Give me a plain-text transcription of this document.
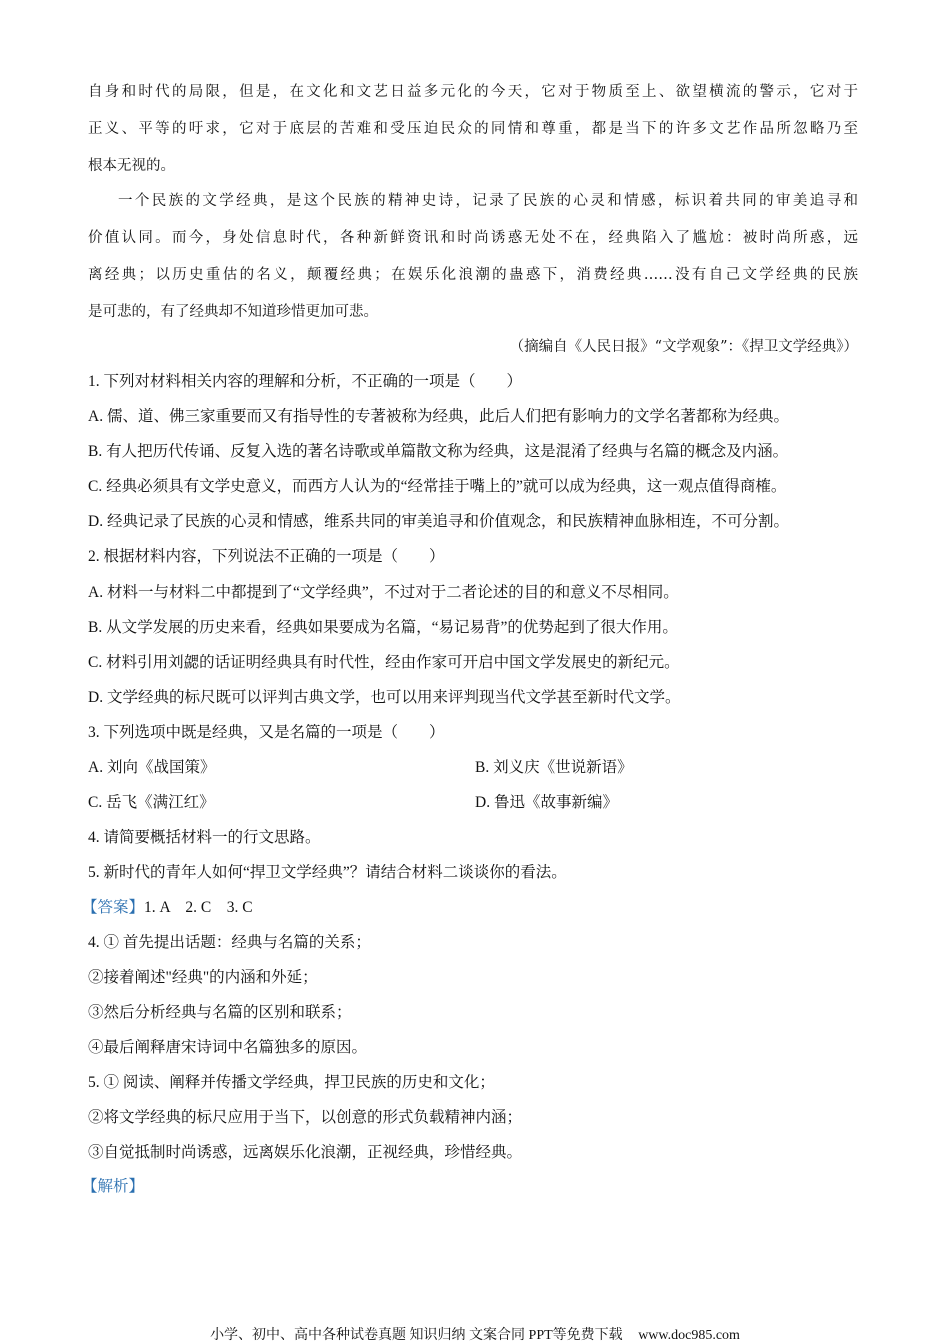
自身和时代的局限，但是，在文化和文艺日益多元化的今天，它对于物质至上、欲望横流的警示，它对于
正义、平等的吁求，它对于底层的苦难和受压迫民众的同情和尊重，都是当下的许多文艺作品所忽略乃至
根本无视的。
一个民族的文学经典，是这个民族的精神史诗，记录了民族的心灵和情感，标识着共同的审美追寻和
价值认同。而今，身处信息时代，各种新鲜资讯和时尚诱惑无处不在，经典陷入了尴尬：被时尚所惑，远
离经典；以历史重估的名义，颠覆经典；在娱乐化浪潮的蛊惑下，消费经典……没有自己文学经典的民族
是可悲的，有了经典却不知道珍惜更加可悲。
（摘编自《人民日报》“文学观象”：《捍卫文学经典》）
1. 下列对材料相关内容的理解和分析，不正确的一项是（　　）
A. 儒、道、佛三家重要而又有指导性的专著被称为经典，此后人们把有影响力的文学名著都称为经典。
B. 有人把历代传诵、反复入选的著名诗歌或单篇散文称为经典，这是混淆了经典与名篇的概念及内涵。
C. 经典必须具有文学史意义，而西方人认为的“经常挂于嘴上的”就可以成为经典，这一观点值得商榷。
D. 经典记录了民族的心灵和情感，维系共同的审美追寻和价值观念，和民族精神血脉相连，不可分割。
2. 根据材料内容，下列说法不正确的一项是（　　）
A. 材料一与材料二中都提到了“文学经典”，不过对于二者论述的目的和意义不尽相同。
B. 从文学发展的历史来看，经典如果要成为名篇，“易记易背”的优势起到了很大作用。
C. 材料引用刘勰的话证明经典具有时代性，经由作家可开启中国文学发展史的新纪元。
D. 文学经典的标尺既可以评判古典文学，也可以用来评判现当代文学甚至新时代文学。
3. 下列选项中既是经典，又是名篇的一项是（　　）
A. 刘向《战国策》	B. 刘义庆《世说新语》
C. 岳飞《满江红》	D. 鲁迅《故事新编》
4. 请简要概括材料一的行文思路。
5. 新时代的青年人如何“捍卫文学经典”？请结合材料二谈谈你的看法。
【答案】1. A　2. C　3. C
4. ① 首先提出话题：经典与名篇的关系；
②接着阐述"经典"的内涵和外延；
③然后分析经典与名篇的区别和联系；
④最后阐释唐宋诗词中名篇独多的原因。
5. ① 阅读、阐释并传播文学经典，捍卫民族的历史和文化；
②将文学经典的标尺应用于当下，以创意的形式负载精神内涵；
③自觉抵制时尚诱惑，远离娱乐化浪潮，正视经典，珍惜经典。
【解析】
小学、初中、高中各种试卷真题 知识归纳 文案合同 PPT等免费下载 www.doc985.com
